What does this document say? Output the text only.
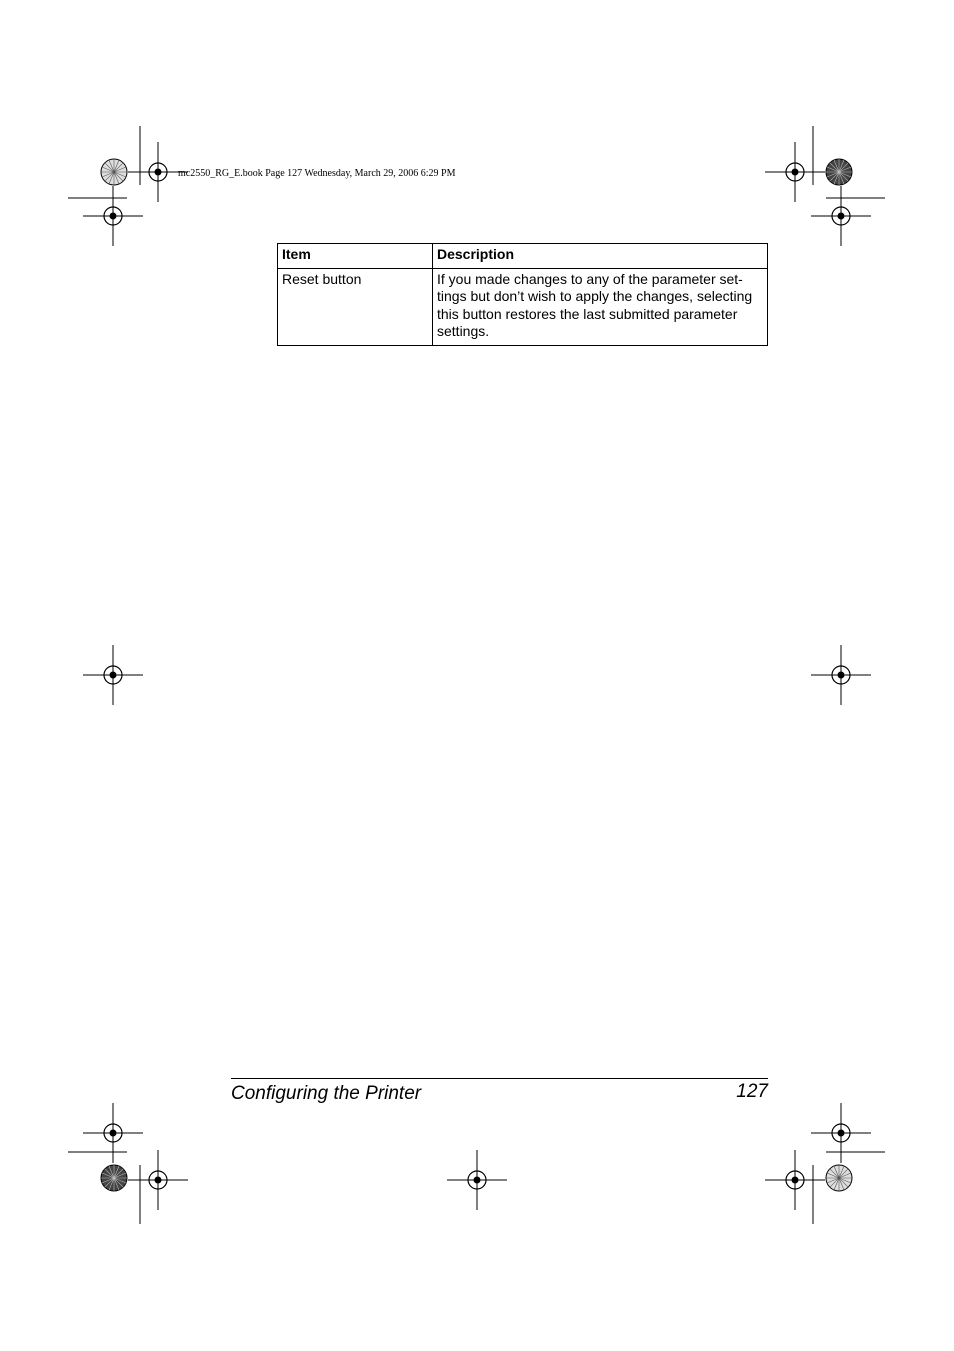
mc2550_RG_E.book Page 127 Wednesday, March 29, 2006 6:29 PM
Item	Description
Reset button	If you made changes to any of the parameter set-tings but don’t wish to apply the changes, selecting this button restores the last submitted parameter settings.
Configuring the Printer	127
